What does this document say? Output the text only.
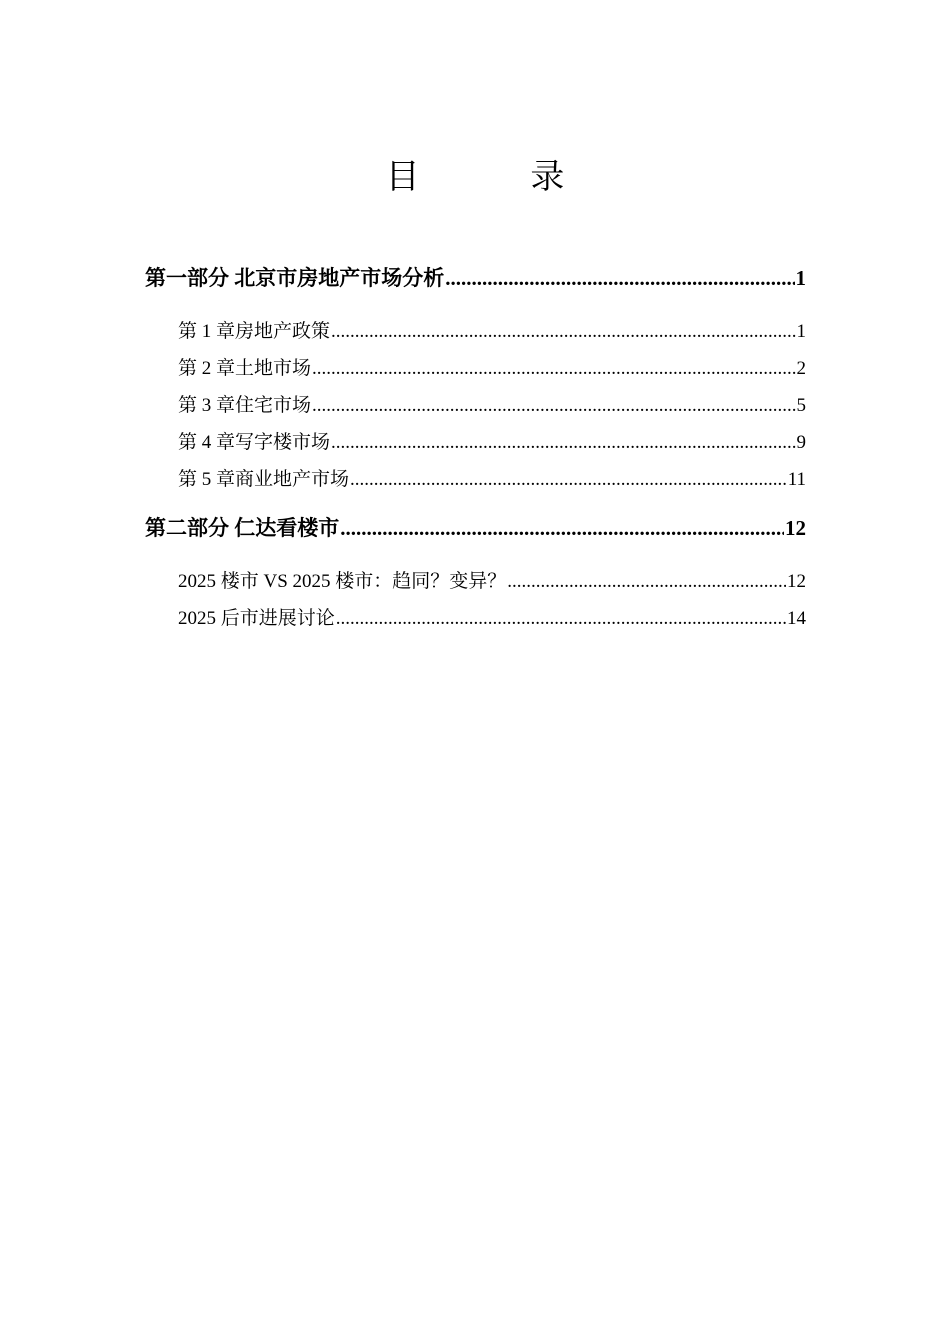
目 录
第一部分 北京市房地产市场分析 .....	1
第 1 章 房地产政策 .....	1
第 2 章 土地市场 .....	2
第 3 章 住宅市场 .....	5
第 4 章 写字楼市场 .....	9
第 5 章 商业地产市场 .....	11
第二部分 仁达看楼市 .....	12
2025 楼市 VS 2025 楼市：趋同？变异？ .....	12
2025 后市进展讨论 .....	14
